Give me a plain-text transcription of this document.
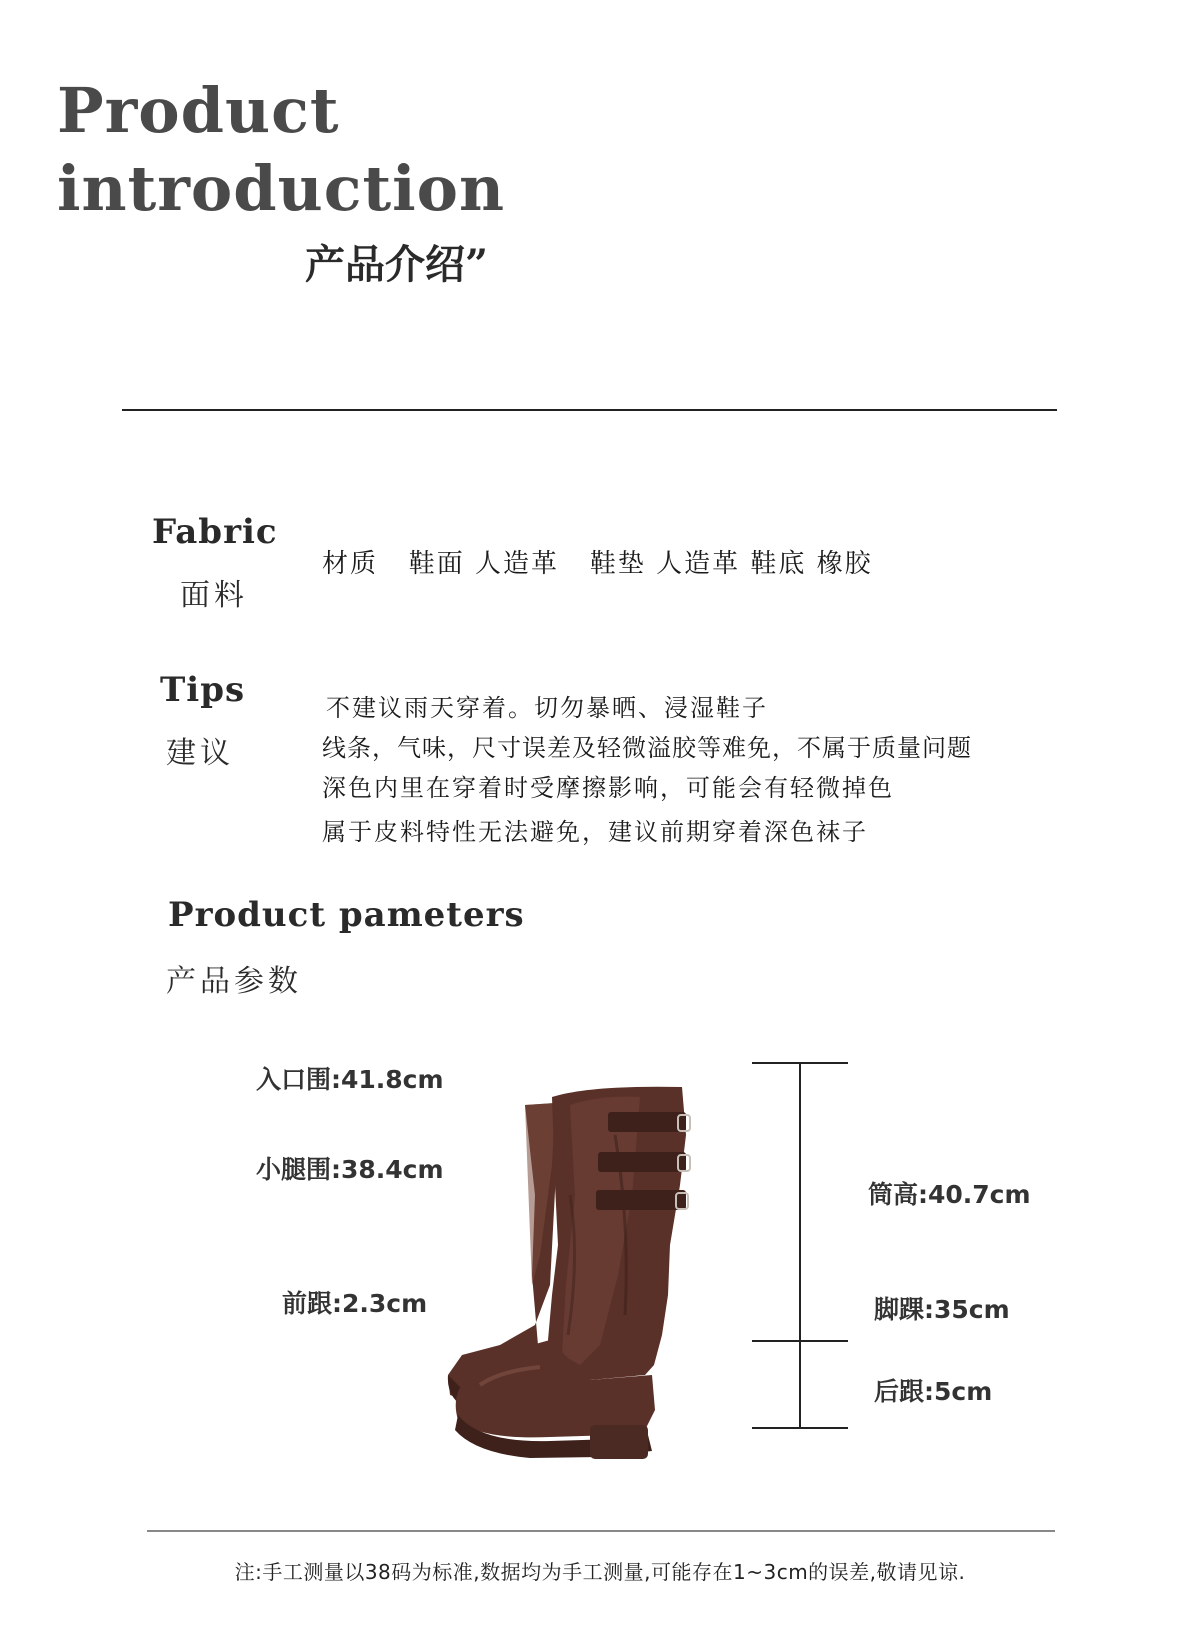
Product
introduction
产品介绍”
Fabric
面料
材质   鞋面 人造革   鞋垫 人造革 鞋底 橡胶
Tips
建议
不建议雨天穿着。切勿暴晒、浸湿鞋子
线条，气味，尺寸误差及轻微溢胶等难免，不属于质量问题
深色内里在穿着时受摩擦影响，可能会有轻微掉色
属于皮料特性无法避免，建议前期穿着深色袜子
Product pameters
产品参数
入口围:41.8cm
小腿围:38.4cm
前跟:2.3cm
筒高:40.7cm
脚踝:35cm
后跟:5cm
注:手工测量以38码为标准,数据均为手工测量,可能存在1~3cm的误差,敬请见谅.
